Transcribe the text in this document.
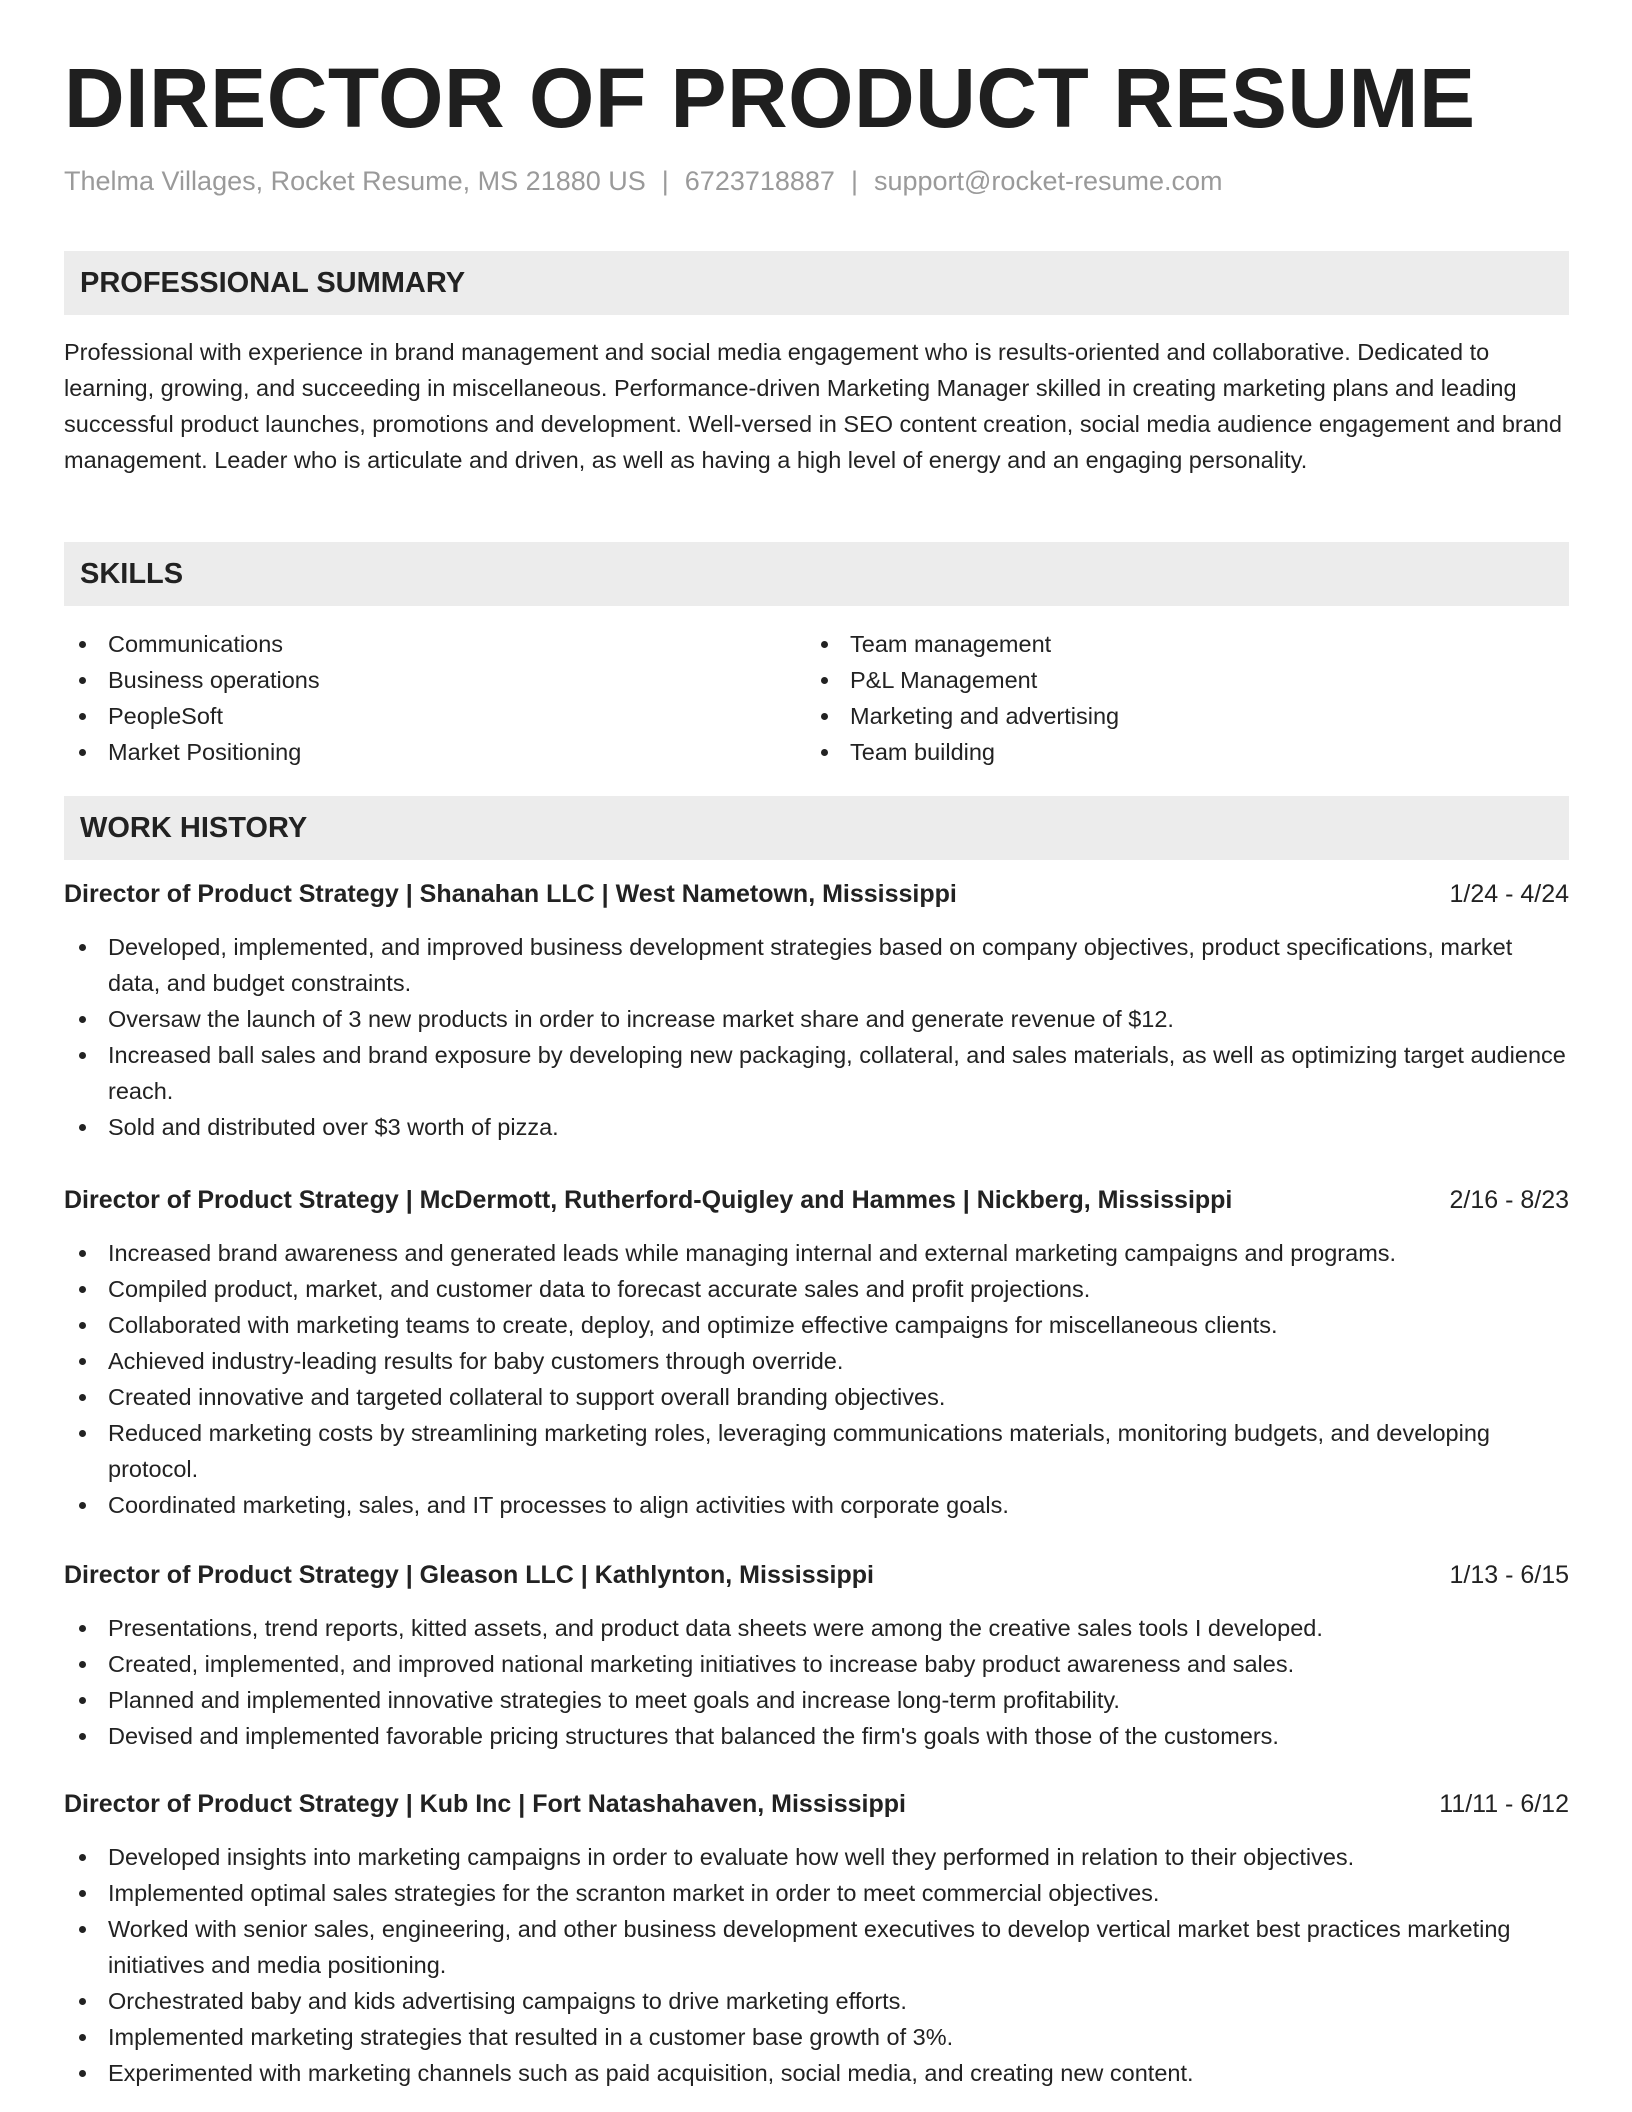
DIRECTOR OF PRODUCT RESUME
Thelma Villages, Rocket Resume, MS 21880 US | 6723718887 | support@rocket-resume.com
PROFESSIONAL SUMMARY

Professional with experience in brand management and social media engagement who is results-oriented and collaborative. Dedicated to learning, growing, and succeeding in miscellaneous. Performance-driven Marketing Manager skilled in creating marketing plans and leading successful product launches, promotions and development. Well-versed in SEO content creation, social media audience engagement and brand management. Leader who is articulate and driven, as well as having a high level of energy and an engaging personality.

SKILLS
Communications
Business operations
PeopleSoft
Market Positioning
Team management
P&L Management
Marketing and advertising
Team building
WORK HISTORY
Director of Product Strategy | Shanahan LLC | West Nametown, Mississippi	1/24 - 4/24
Developed, implemented, and improved business development strategies based on company objectives, product specifications, market data, and budget constraints.
Oversaw the launch of 3 new products in order to increase market share and generate revenue of $12.
Increased ball sales and brand exposure by developing new packaging, collateral, and sales materials, as well as optimizing target audience reach.
Sold and distributed over $3 worth of pizza.
Director of Product Strategy | McDermott, Rutherford-Quigley and Hammes | Nickberg, Mississippi	2/16 - 8/23
Increased brand awareness and generated leads while managing internal and external marketing campaigns and programs.
Compiled product, market, and customer data to forecast accurate sales and profit projections.
Collaborated with marketing teams to create, deploy, and optimize effective campaigns for miscellaneous clients.
Achieved industry-leading results for baby customers through override.
Created innovative and targeted collateral to support overall branding objectives.
Reduced marketing costs by streamlining marketing roles, leveraging communications materials, monitoring budgets, and developing protocol.
Coordinated marketing, sales, and IT processes to align activities with corporate goals.
Director of Product Strategy | Gleason LLC | Kathlynton, Mississippi	1/13 - 6/15
Presentations, trend reports, kitted assets, and product data sheets were among the creative sales tools I developed.
Created, implemented, and improved national marketing initiatives to increase baby product awareness and sales.
Planned and implemented innovative strategies to meet goals and increase long-term profitability.
Devised and implemented favorable pricing structures that balanced the firm's goals with those of the customers.
Director of Product Strategy | Kub Inc | Fort Natashahaven, Mississippi	11/11 - 6/12
Developed insights into marketing campaigns in order to evaluate how well they performed in relation to their objectives.
Implemented optimal sales strategies for the scranton market in order to meet commercial objectives.
Worked with senior sales, engineering, and other business development executives to develop vertical market best practices marketing initiatives and media positioning.
Orchestrated baby and kids advertising campaigns to drive marketing efforts.
Implemented marketing strategies that resulted in a customer base growth of 3%.
Experimented with marketing channels such as paid acquisition, social media, and creating new content.
